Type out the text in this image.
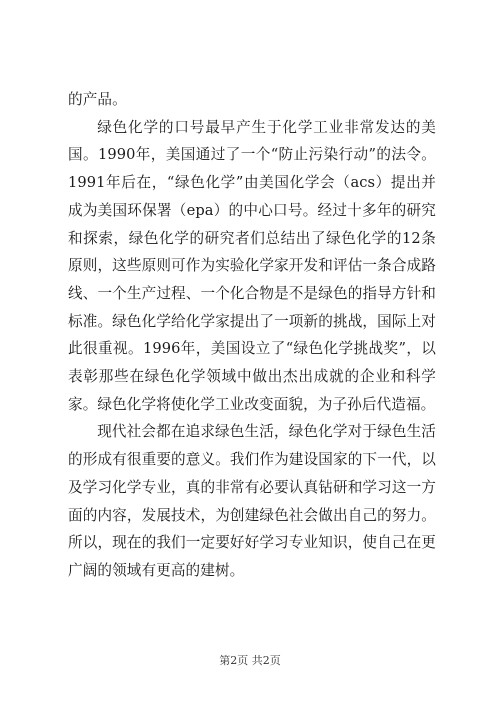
的产品。

绿色化学的口号最早产生于化学工业非常发达的美国。1990年，美国通过了一个“防止污染行动”的法令。1991年后在，“绿色化学”由美国化学会（acs）提出并成为美国环保署（epa）的中心口号。经过十多年的研究和探索，绿色化学的研究者们总结出了绿色化学的12条原则，这些原则可作为实验化学家开发和评估一条合成路线、一个生产过程、一个化合物是不是绿色的指导方针和标准。绿色化学给化学家提出了一项新的挑战，国际上对此很重视。1996年，美国设立了“绿色化学挑战奖”，以表彰那些在绿色化学领域中做出杰出成就的企业和科学家。绿色化学将使化学工业改变面貌，为子孙后代造福。

现代社会都在追求绿色生活，绿色化学对于绿色生活的形成有很重要的意义。我们作为建设国家的下一代，以及学习化学专业，真的非常有必要认真钻研和学习这一方面的内容，发展技术，为创建绿色社会做出自己的努力。所以，现在的我们一定要好好学习专业知识，使自己在更广阔的领域有更高的建树。

第2页 共2页
